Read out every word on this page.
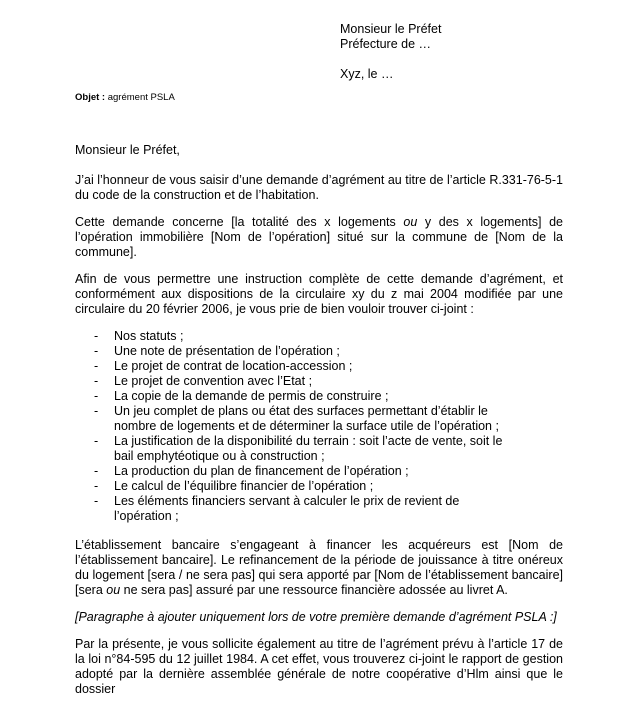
Monsieur le Préfet
Préfecture de …
Xyz, le …
Objet : agrément PSLA

Monsieur le Préfet,

J’ai l’honneur de vous saisir d’une demande d’agrément au titre de l’article R.331-76-5-1 du code de la construction et de l’habitation.

Cette demande concerne [la totalité des x logements ou y des x logements] de l’opération immobilière [Nom de l’opération] situé sur la commune de [Nom de la commune].

Afin de vous permettre une instruction complète de cette demande d’agrément, et conformément aux dispositions de la circulaire xy du z mai 2004 modifiée par une circulaire du 20 février 2006, je vous prie de bien vouloir trouver ci-joint :

- Nos statuts ;
- Une note de présentation de l’opération ;
- Le projet de contrat de location-accession ;
- Le projet de convention avec l’Etat ;
- La copie de la demande de permis de construire ;
- Un jeu complet de plans ou état des surfaces permettant d’établir le nombre de logements et de déterminer la surface utile de l’opération ;
- La justification de la disponibilité du terrain : soit l’acte de vente, soit le bail emphytéotique ou à construction ;
- La production du plan de financement de l’opération ;
- Le calcul de l’équilibre financier de l’opération ;
- Les éléments financiers servant à calculer le prix de revient de l’opération ;

L’établissement bancaire s’engageant à financer les acquéreurs est [Nom de l’établissement bancaire]. Le refinancement de la période de jouissance à titre onéreux du logement [sera / ne sera pas] qui sera apporté par [Nom de l’établissement bancaire] [sera ou ne sera pas] assuré par une ressource financière adossée au livret A.

[Paragraphe à ajouter uniquement lors de votre première demande d’agrément PSLA :]

Par la présente, je vous sollicite également au titre de l’agrément prévu à l’article 17 de la loi n°84-595 du 12 juillet 1984. A cet effet, vous trouverez ci-joint le rapport de gestion adopté par la dernière assemblée générale de notre coopérative d’Hlm ainsi que le dossier
